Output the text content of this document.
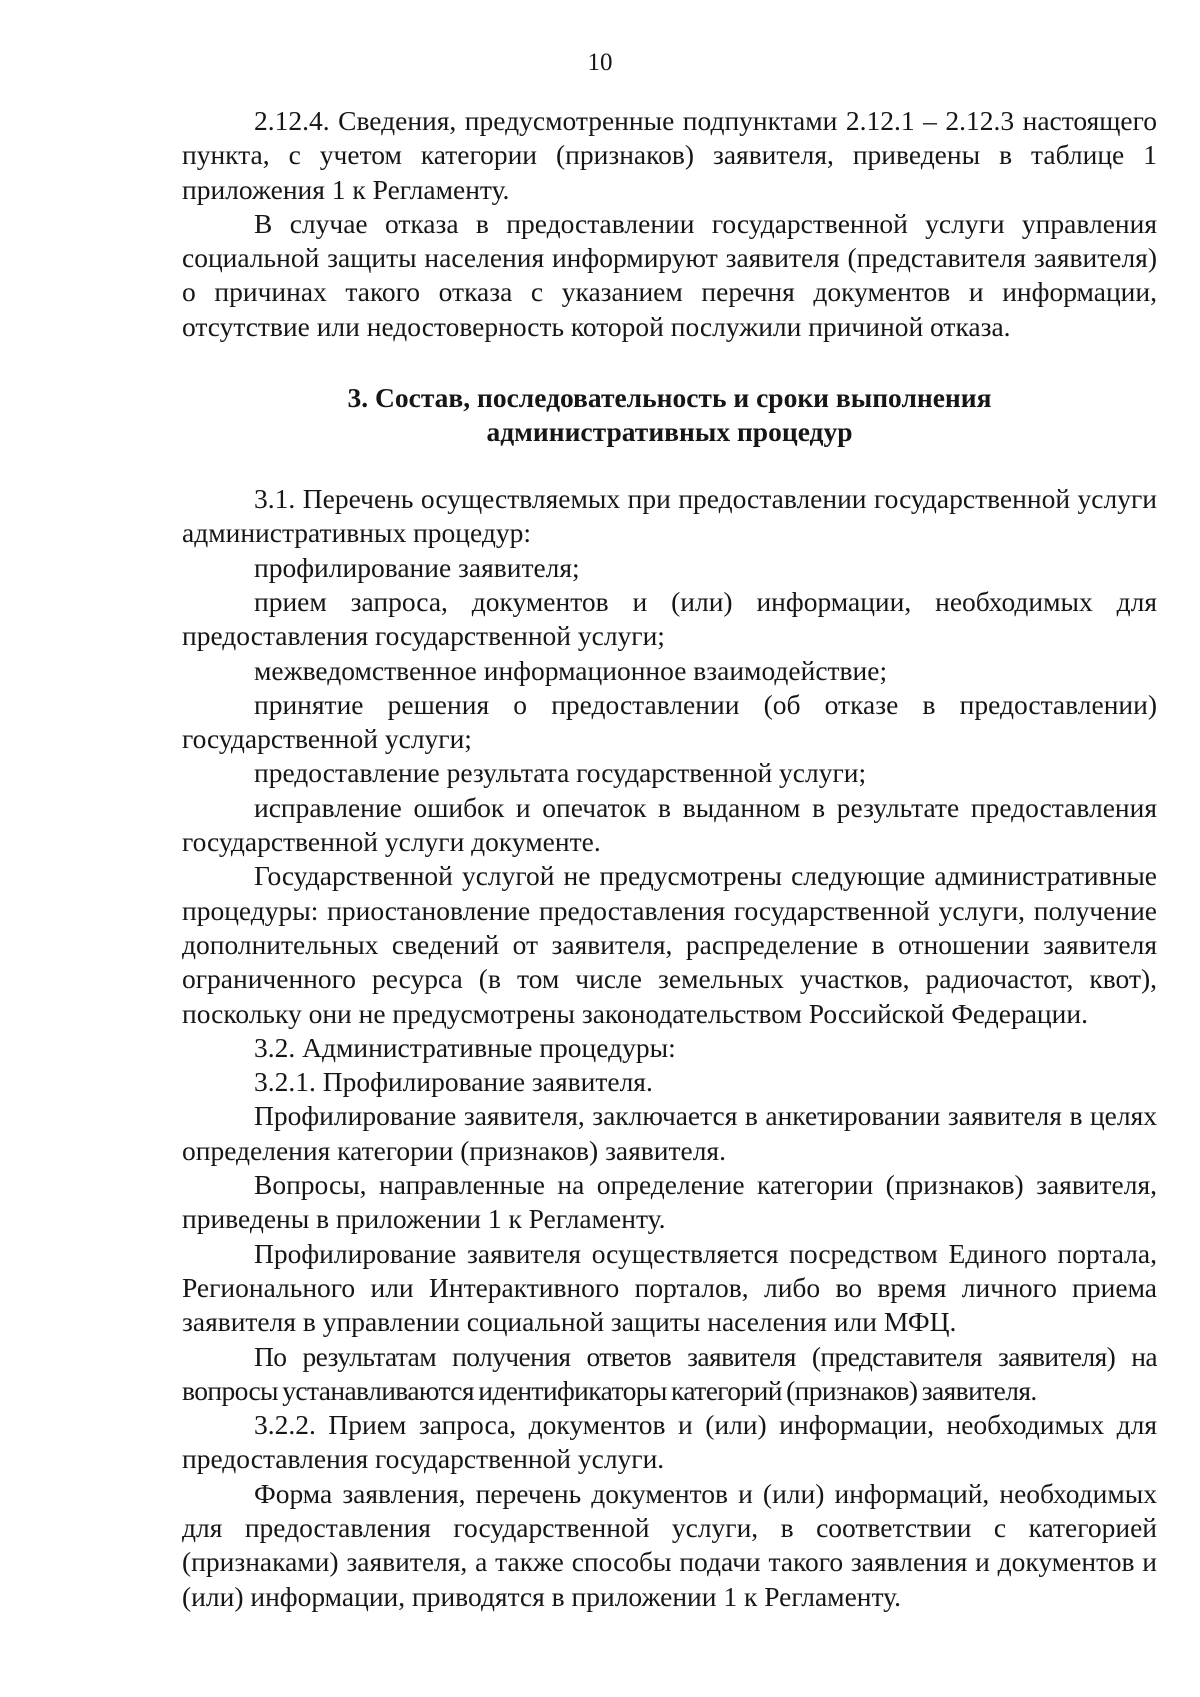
10

2.12.4. Сведения, предусмотренные подпунктами 2.12.1 – 2.12.3 настоящего пункта, с учетом категории (признаков) заявителя, приведены в таблице 1 приложения 1 к Регламенту.

В случае отказа в предоставлении государственной услуги управления социальной защиты населения информируют заявителя (представителя заявителя) о причинах такого отказа с указанием перечня документов и информации, отсутствие или недостоверность которой послужили причиной отказа.

3. Состав, последовательность и сроки выполнения
административных процедур

3.1. Перечень осуществляемых при предоставлении государственной услуги административных процедур:

профилирование заявителя;

прием запроса, документов и (или) информации, необходимых для предоставления государственной услуги;

межведомственное информационное взаимодействие;

принятие решения о предоставлении (об отказе в предоставлении) государственной услуги;

предоставление результата государственной услуги;

исправление ошибок и опечаток в выданном в результате предоставления государственной услуги документе.

Государственной услугой не предусмотрены следующие административные процедуры: приостановление предоставления государственной услуги, получение дополнительных сведений от заявителя, распределение в отношении заявителя ограниченного ресурса (в том числе земельных участков, радиочастот, квот), поскольку они не предусмотрены законодательством Российской Федерации.

3.2. Административные процедуры:

3.2.1. Профилирование заявителя.

Профилирование заявителя, заключается в анкетировании заявителя в целях определения категории (признаков) заявителя.

Вопросы, направленные на определение категории (признаков) заявителя, приведены в приложении 1 к Регламенту.

Профилирование заявителя осуществляется посредством Единого портала, Регионального или Интерактивного порталов, либо во время личного приема заявителя в управлении социальной защиты населения или МФЦ.

По результатам получения ответов заявителя (представителя заявителя) на вопросы устанавливаются идентификаторы категорий (признаков) заявителя.

3.2.2. Прием запроса, документов и (или) информации, необходимых для предоставления государственной услуги.

Форма заявления, перечень документов и (или) информаций, необходимых для предоставления государственной услуги, в соответствии с категорией (признаками) заявителя, а также способы подачи такого заявления и документов и (или) информации, приводятся в приложении 1 к Регламенту.
